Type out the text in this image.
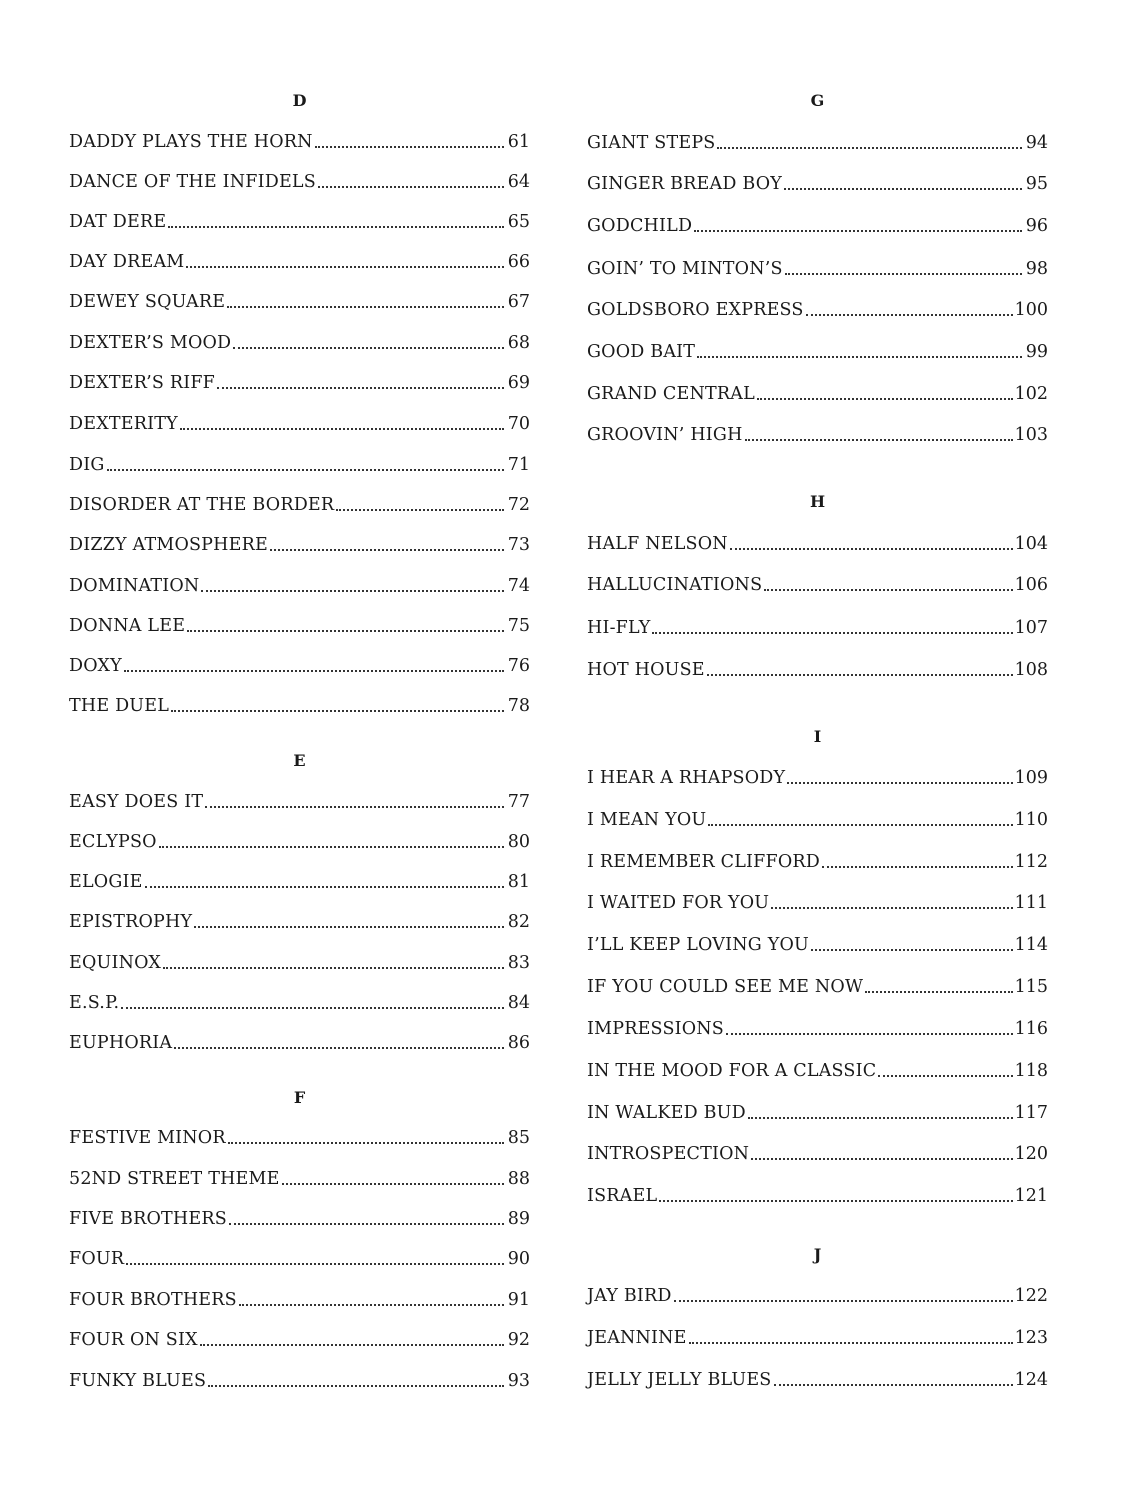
D
DADDY PLAYS THE HORN	61
DANCE OF THE INFIDELS	64
DAT DERE	65
DAY DREAM	66
DEWEY SQUARE	67
DEXTER’S MOOD	68
DEXTER’S RIFF	69
DEXTERITY	70
DIG	71
DISORDER AT THE BORDER	72
DIZZY ATMOSPHERE	73
DOMINATION	74
DONNA LEE	75
DOXY	76
THE DUEL	78
E
EASY DOES IT	77
ECLYPSO	80
ELOGIE	81
EPISTROPHY	82
EQUINOX	83
E.S.P.	84
EUPHORIA	86
F
FESTIVE MINOR	85
52ND STREET THEME	88
FIVE BROTHERS	89
FOUR	90
FOUR BROTHERS	91
FOUR ON SIX	92
FUNKY BLUES	93
G
GIANT STEPS	94
GINGER BREAD BOY	95
GODCHILD	96
GOIN’ TO MINTON’S	98
GOLDSBORO EXPRESS	100
GOOD BAIT	99
GRAND CENTRAL	102
GROOVIN’ HIGH	103
H
HALF NELSON	104
HALLUCINATIONS	106
HI-FLY	107
HOT HOUSE	108
I
I HEAR A RHAPSODY	109
I MEAN YOU	110
I REMEMBER CLIFFORD	112
I WAITED FOR YOU	111
I’LL KEEP LOVING YOU	114
IF YOU COULD SEE ME NOW	115
IMPRESSIONS	116
IN THE MOOD FOR A CLASSIC	118
IN WALKED BUD	117
INTROSPECTION	120
ISRAEL	121
J
JAY BIRD	122
JEANNINE	123
JELLY JELLY BLUES	124
